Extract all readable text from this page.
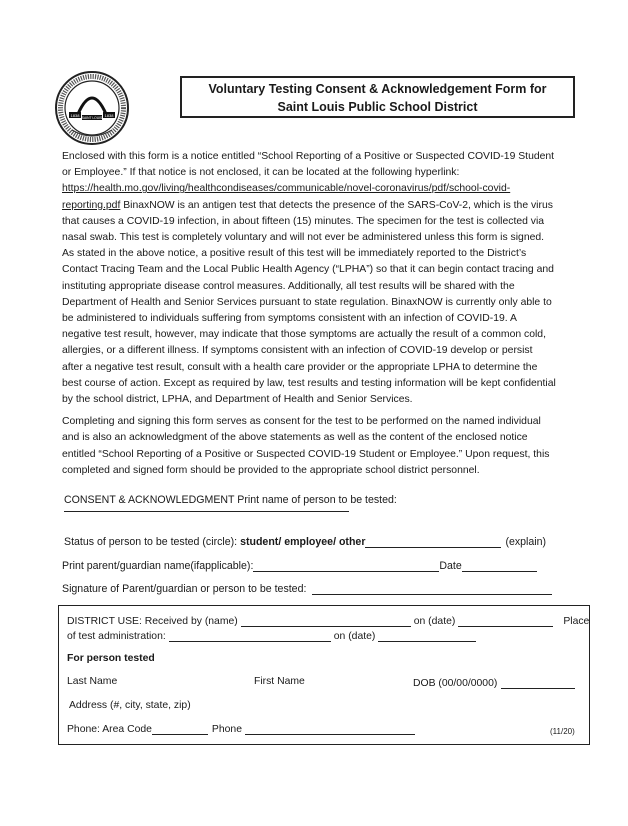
1838	1838
SAINT LOUIS
Voluntary Testing Consent & Acknowledgement Form for
Saint Louis Public School District

Enclosed with this form is a notice entitled “School Reporting of a Positive or Suspected COVID-19 Student or Employee.” If that notice is not enclosed, it can be located at the following hyperlink: https://health.mo.gov/living/healthcondiseases/communicable/novel-coronavirus/pdf/school-covid-reporting.pdf BinaxNOW is an antigen test that detects the presence of the SARS-CoV-2, which is the virus that causes a COVID-19 infection, in about fifteen (15) minutes. The specimen for the test is collected via nasal swab. This test is completely voluntary and will not ever be administered unless this form is signed. As stated in the above notice, a positive result of this test will be immediately reported to the District’s Contact Tracing Team and the Local Public Health Agency (“LPHA”) so that it can begin contact tracing and instituting appropriate disease control measures. Additionally, all test results will be shared with the Department of Health and Senior Services pursuant to state regulation. BinaxNOW is currently only able to be administered to individuals suffering from symptoms consistent with an infection of COVID-19. A negative test result, however, may indicate that those symptoms are actually the result of a common cold, allergies, or a different illness. If symptoms consistent with an infection of COVID-19 develop or persist after a negative test result, consult with a health care provider or the appropriate LPHA to determine the best course of action. Except as required by law, test results and testing information will be kept confidential by the school district, LPHA, and Department of Health and Senior Services.

Completing and signing this form serves as consent for the test to be performed on the named individual and is also an acknowledgment of the above statements as well as the content of the enclosed notice entitled “School Reporting of a Positive or Suspected COVID-19 Student or Employee.” Upon request, this completed and signed form should be provided to the appropriate school district personnel.

CONSENT & ACKNOWLEDGMENT Print name of person to be tested:
Status of person to be tested (circle): student/ employee/ other	(explain)
Print parent/guardian name(ifapplicable):	Date
Signature of Parent/guardian or person to be tested:
DISTRICT USE: Received by (name)	on (date)	Place
of test administration:	on (date)
For person tested
Last Name	First Name	DOB (00/00/0000)
Address (#, city, state, zip)
Phone: Area Code	Phone	(11/20)
